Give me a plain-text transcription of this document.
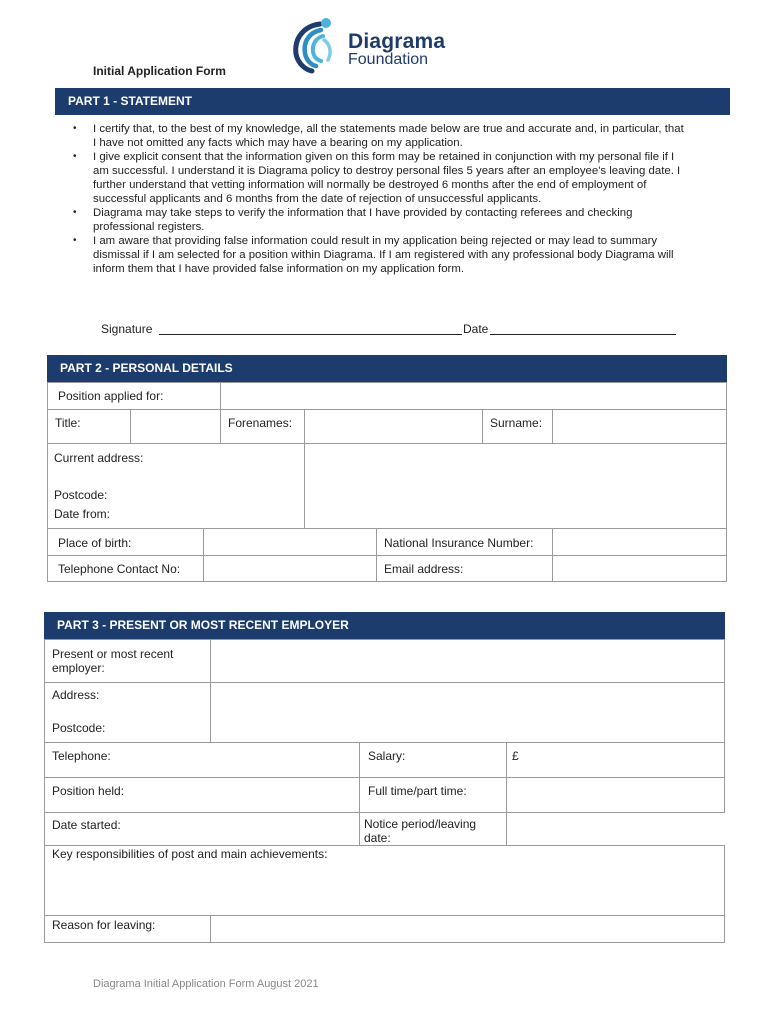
Diagrama
Foundation
Initial Application Form
PART 1 - STATEMENT
• I certify that, to the best of my knowledge, all the statements made below are true and accurate and, in particular, that I have not omitted any facts which may have a bearing on my application.
• I give explicit consent that the information given on this form may be retained in conjunction with my personal file if I am successful. I understand it is Diagrama policy to destroy personal files 5 years after an employee's leaving date. I further understand that vetting information will normally be destroyed 6 months after the end of employment of successful applicants and 6 months from the date of rejection of unsuccessful applicants.
• Diagrama may take steps to verify the information that I have provided by contacting referees and checking professional registers.
• I am aware that providing false information could result in my application being rejected or may lead to summary dismissal if I am selected for a position within Diagrama. If I am registered with any professional body Diagrama will inform them that I have provided false information on my application form.
Signature	Date
PART 2 - PERSONAL DETAILS
Position applied for:
Title:	Forenames:	Surname:
Current address:
Postcode:
Date from:
Place of birth:	National Insurance Number:
Telephone Contact No:	Email address:
PART 3 - PRESENT OR MOST RECENT EMPLOYER
Present or most recent employer:
Address:
Postcode:
Telephone:	Salary:	£
Position held:	Full time/part time:
Date started:	Notice period/leaving date:
Key responsibilities of post and main achievements:
Reason for leaving:
Diagrama Initial Application Form August 2021
